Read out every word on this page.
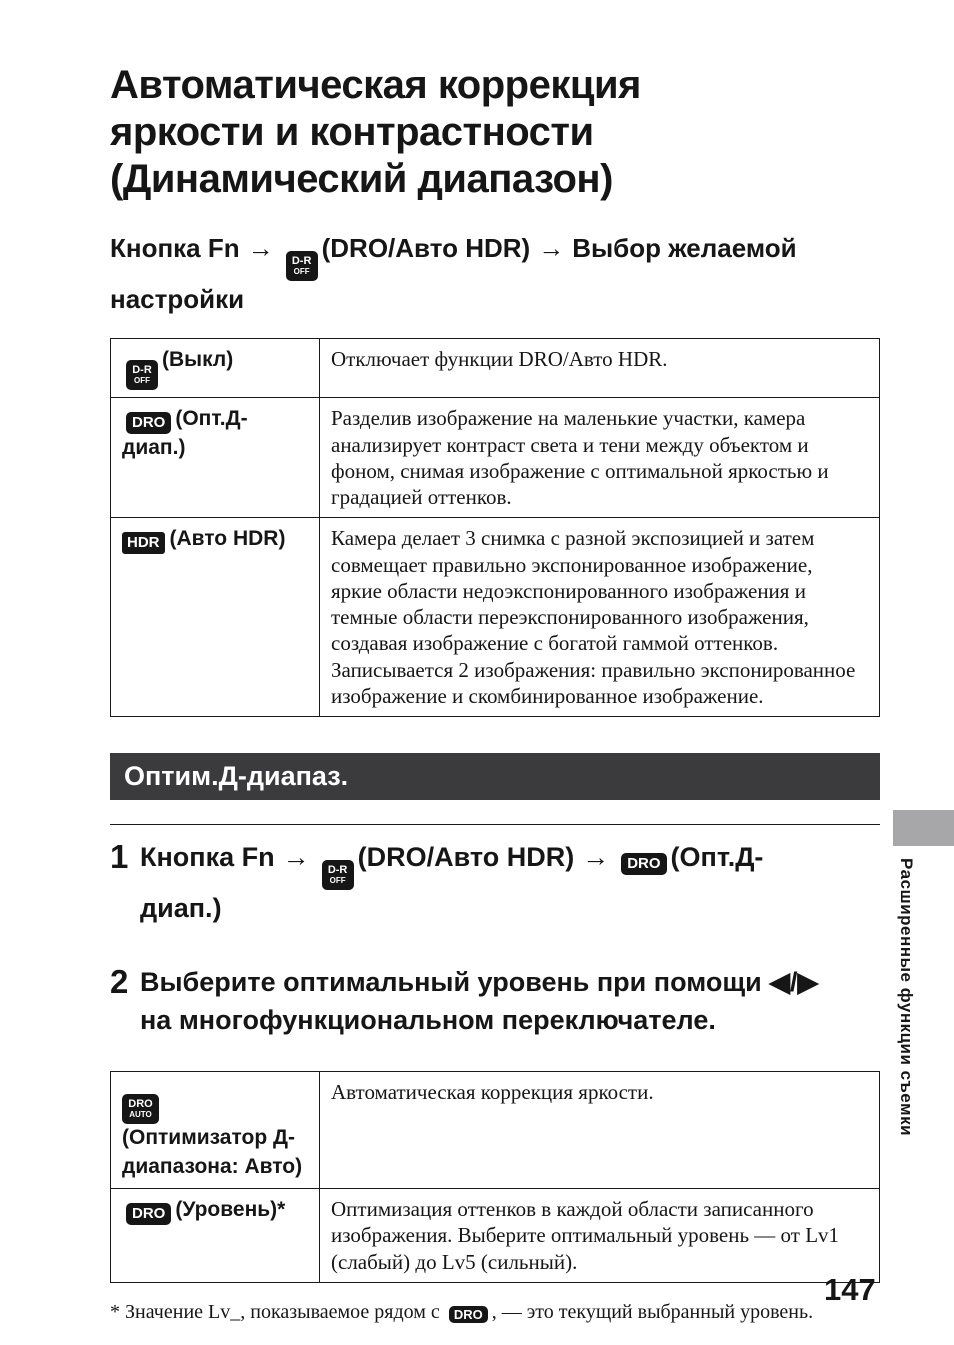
Автоматическая коррекция
яркости и контрастности
(Динамический диапазон)
Кнопка Fn → D-R
OFF
(DRO/Авто HDR) → Выбор желаемой настройки
D-R
OFF
(Выкл)	Отключает функции DRO/Авто HDR.
DRO (Опт.Д-диап.)	Разделив изображение на маленькие участки, камера анализирует контраст света и тени между объектом и фоном, снимая изображение с оптимальной яркостью и градацией оттенков.
HDR (Авто HDR)	Камера делает 3 снимка с разной экспозицией и затем совмещает правильно экспонированное изображение, яркие области недоэкспонированного изображения и темные области переэкспонированного изображения, создавая изображение с богатой гаммой оттенков. Записывается 2 изображения: правильно экспонированное изображение и скомбинированное изображение.
Оптим.Д-диапаз.
1 Кнопка Fn → D-R
OFF
(DRO/Авто HDR) → DRO (Опт.Д-диап.)
2 Выберите оптимальный уровень при помощи ◀/▶ на многофункциональном переключателе.
DRO
AUTO
(Оптимизатор Д-диапазона: Авто)	Автоматическая коррекция яркости.
DRO (Уровень)*	Оптимизация оттенков в каждой области записанного изображения. Выберите оптимальный уровень — от Lv1 (слабый) до Lv5 (сильный).
* Значение Lv_, показываемое рядом с DRO , — это текущий выбранный уровень.
Расширенные функции съемки
147
